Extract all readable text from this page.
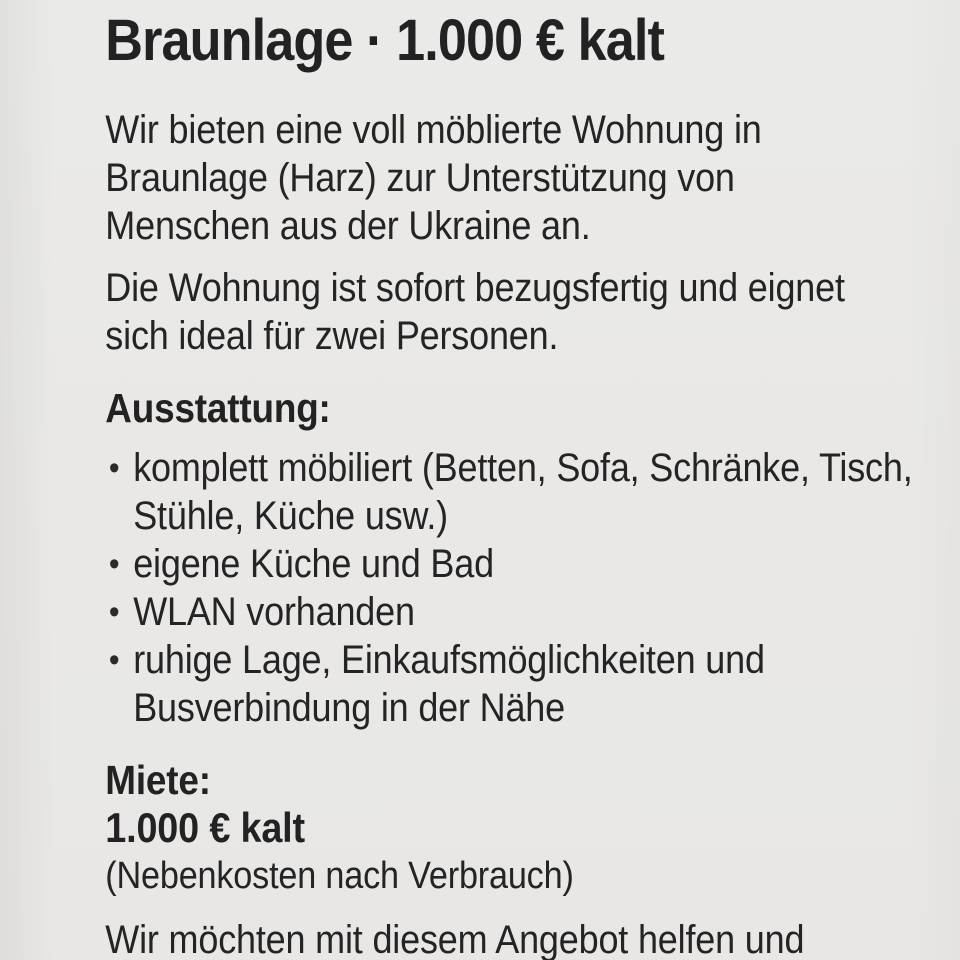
Braunlage · 1.000 € kalt

Wir bieten eine voll möblierte Wohnung in Braunlage (Harz) zur Unterstützung von Menschen aus der Ukraine an.

Die Wohnung ist sofort bezugsfertig und eignet sich ideal für zwei Personen.

Ausstattung:
• komplett möbiliert (Betten, Sofa, Schränke, Tisch, Stühle, Küche usw.)
• eigene Küche und Bad
• WLAN vorhanden
• ruhige Lage, Einkaufsmöglichkeiten und Busverbindung in der Nähe
Miete:
1.000 € kalt
(Nebenkosten nach Verbrauch)

Wir möchten mit diesem Angebot helfen und
